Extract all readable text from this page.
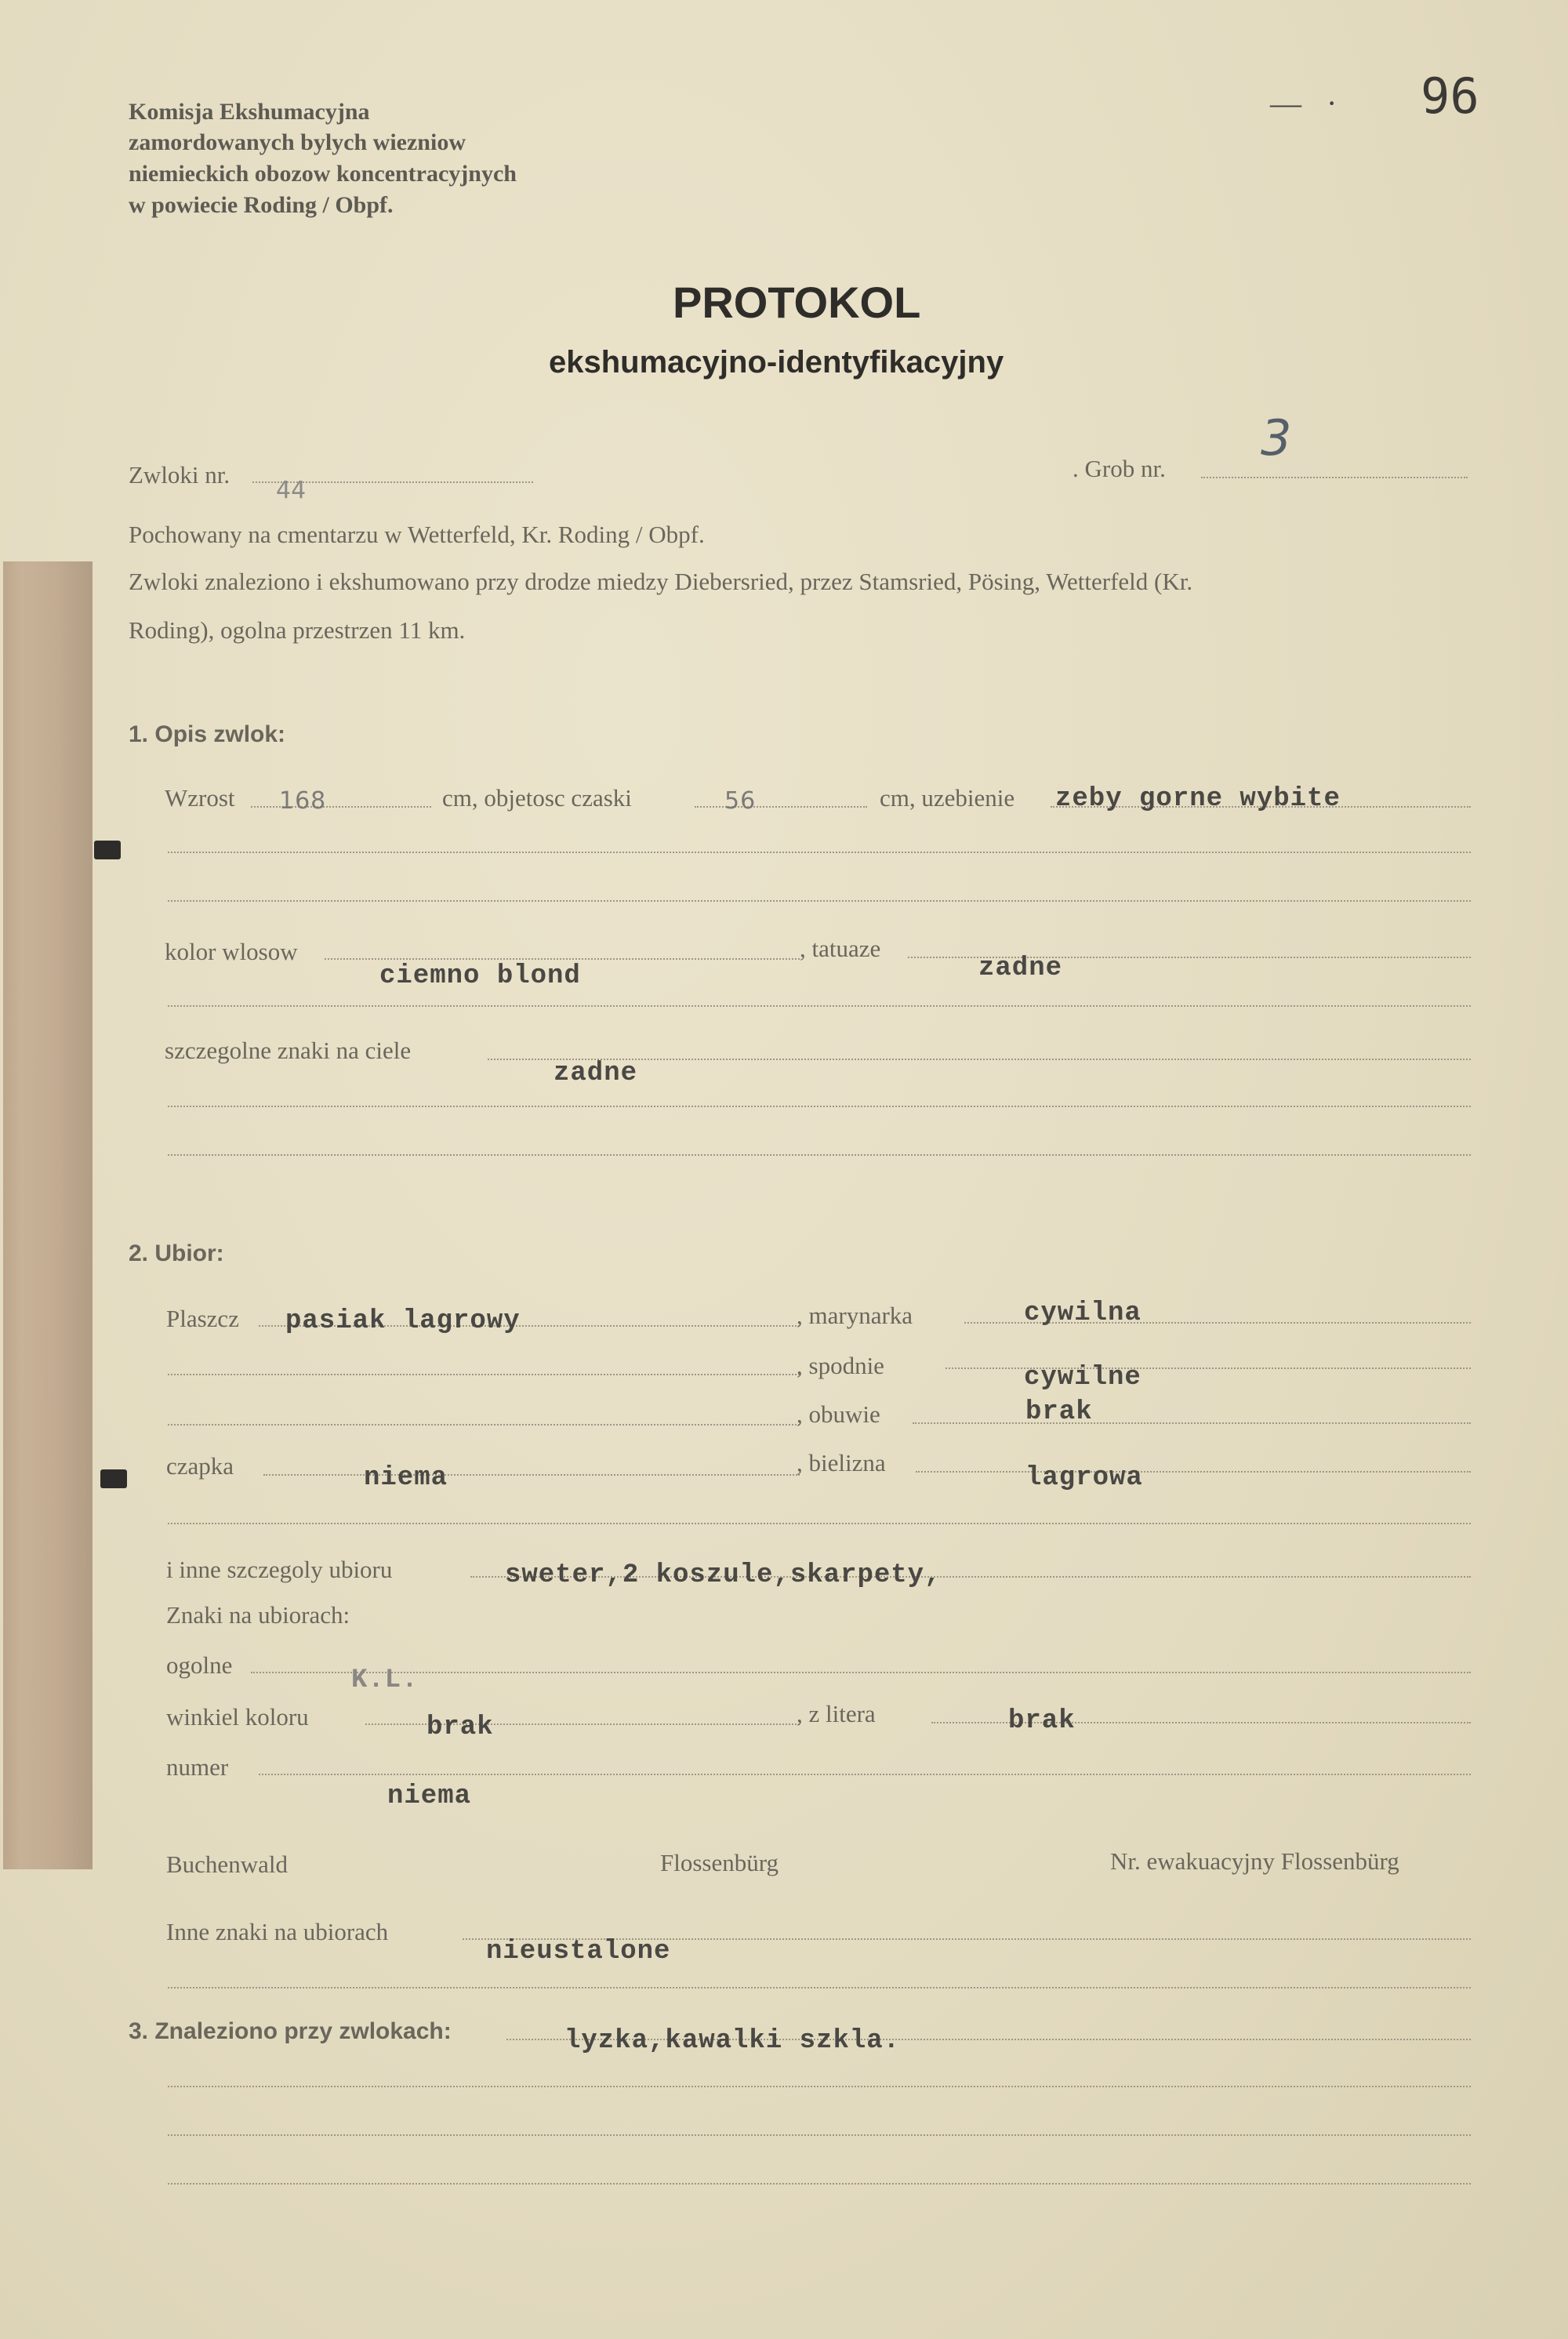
Komisja Ekshumacyjna
zamordowanych bylych wiezniow
niemieckich obozow koncentracyjnych
w powiecie Roding / Obpf.
—  · 96
PROTOKOL
ekshumacyjno-identyfikacyjny
Zwloki nr.
44
. Grob nr.
3
Pochowany na cmentarzu w Wetterfeld, Kr. Roding / Obpf.
Zwloki znaleziono i ekshumowano przy drodze miedzy Diebersried, przez Stamsried, Pösing, Wetterfeld (Kr.
Roding), ogolna przestrzen 11 km.
1. Opis zwlok:
Wzrost 168	cm, objetosc czaski	56	cm, uzebienie zeby gorne wybite
kolor wlosow
ciemno blond
, tatuaze
zadne
szczegolne znaki na ciele
zadne
2. Ubior:
Plaszcz pasiak lagrowy	, marynarka	cywilna
, spodnie	cywilne
, obuwie	brak
czapka	niema
, bielizna
lagrowa
i inne szczegoly ubioru	sweter,2 koszule,skarpety,
Znaki na ubiorach:
ogolne
K.L.
winkiel koloru	brak	, z litera	brak
numer
niema
Buchenwald	Flossenbürg	Nr. ewakuacyjny Flossenbürg
Inne znaki na ubiorach
nieustalone
3. Znaleziono przy zwlokach:	lyzka,kawalki szkla.
